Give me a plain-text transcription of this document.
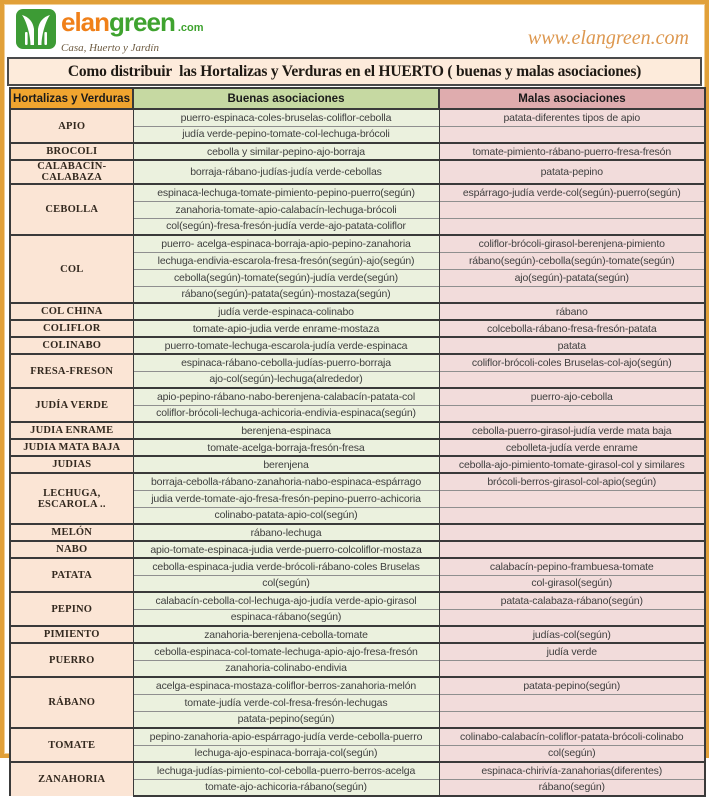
elangreen .com
Casa, Huerto y Jardín	www.elangreen.com
Como distribuir  las Hortalizas y Verduras en el HUERTO ( buenas y malas asociaciones)
Hortalizas y Verduras	Buenas asociaciones	Malas asociaciones
APIO	puerro-espinaca-coles-bruselas-coliflor-cebolla	patata-diferentes tipos de apio
	judía verde-pepino-tomate-col-lechuga-brócoli	
BROCOLI	cebolla y similar-pepino-ajo-borraja	tomate-pimiento-rábano-puerro-fresa-fresón
CALABACÍN-CALABAZA	borraja-rábano-judías-judía verde-cebollas	patata-pepino
CEBOLLA	espinaca-lechuga-tomate-pimiento-pepino-puerro(según)	espárrago-judía verde-col(según)-puerro(según)
	zanahoria-tomate-apio-calabacín-lechuga-brócoli	
	col(según)-fresa-fresón-judía verde-ajo-patata-coliflor	
COL	puerro- acelga-espinaca-borraja-apio-pepino-zanahoria	coliflor-brócoli-girasol-berenjena-pimiento
	lechuga-endivia-escarola-fresa-fresón(según)-ajo(según)	rábano(según)-cebolla(según)-tomate(según)
	cebolla(según)-tomate(según)-judía verde(según)	ajo(según)-patata(según)
	rábano(según)-patata(según)-mostaza(según)	
COL CHINA	judía verde-espinaca-colinabo	rábano
COLIFLOR	tomate-apio-judia verde enrame-mostaza	colcebolla-rábano-fresa-fresón-patata
COLINABO	puerro-tomate-lechuga-escarola-judía verde-espinaca	patata
FRESA-FRESON	espinaca-rábano-cebolla-judías-puerro-borraja	coliflor-brócoli-coles Bruselas-col-ajo(según)
	ajo-col(según)-lechuga(alrededor)	
JUDÍA VERDE	apio-pepino-rábano-nabo-berenjena-calabacín-patata-col	puerro-ajo-cebolla
	coliflor-brócoli-lechuga-achicoria-endivia-espinaca(según)	
JUDIA ENRAME	berenjena-espinaca	cebolla-puerro-girasol-judía verde mata baja
JUDIA MATA BAJA	tomate-acelga-borraja-fresón-fresa	cebolleta-judía verde enrame
JUDIAS	berenjena	cebolla-ajo-pimiento-tomate-girasol-col y similares
LECHUGA, ESCAROLA ..	borraja-cebolla-rábano-zanahoria-nabo-espinaca-espárrago	brócoli-berros-girasol-col-apio(según)
	judia verde-tomate-ajo-fresa-fresón-pepino-puerro-achicoria	
	colinabo-patata-apio-col(según)	
MELÓN	rábano-lechuga	
NABO	apio-tomate-espinaca-judia verde-puerro-colcoliflor-mostaza	
PATATA	cebolla-espinaca-judia verde-brócoli-rábano-coles Bruselas	calabacín-pepino-frambuesa-tomate
	col(según)	col-girasol(según)
PEPINO	calabacín-cebolla-col-lechuga-ajo-judía verde-apio-girasol	patata-calabaza-rábano(según)
	espinaca-rábano(según)	
PIMIENTO	zanahoria-berenjena-cebolla-tomate	judías-col(según)
PUERRO	cebolla-espinaca-col-tomate-lechuga-apio-ajo-fresa-fresón	judía verde
	zanahoria-colinabo-endivia	
RÁBANO	acelga-espinaca-mostaza-coliflor-berros-zanahoria-melón	patata-pepino(según)
	tomate-judía verde-col-fresa-fresón-lechugas	
	patata-pepino(según)	
TOMATE	pepino-zanahoria-apio-espárrago-judía verde-cebolla-puerro	colinabo-calabacín-coliflor-patata-brócoli-colinabo
	lechuga-ajo-espinaca-borraja-col(según)	col(según)
ZANAHORIA	lechuga-judías-pimiento-col-cebolla-puerro-berros-acelga	espinaca-chirivía-zanahorias(diferentes)
	tomate-ajo-achicoria-rábano(según)	rábano(según)
